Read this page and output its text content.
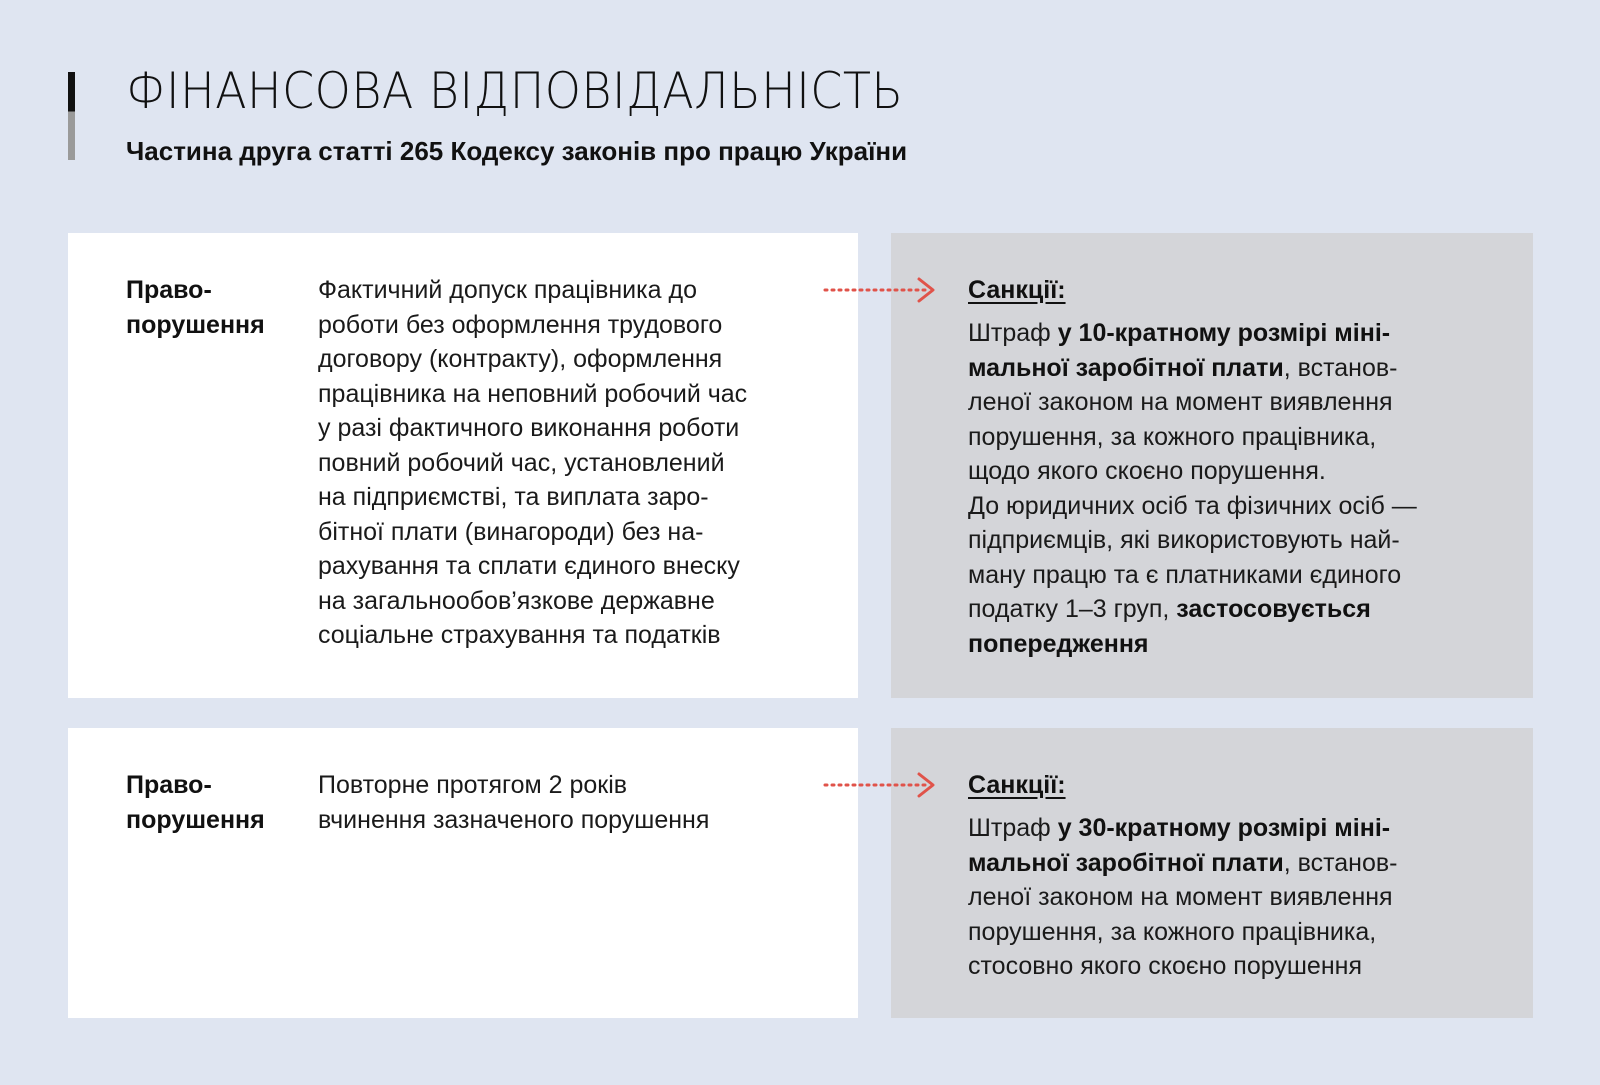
ФІНАНСОВА ВІДПОВІДАЛЬНІСТЬ

Частина друга статті 265 Кодексу законів про працю України

Право-
порушення
Фактичний допуск працівника до
роботи без оформлення трудового
договору (контракту), оформлення
працівника на неповний робочий час
у разі фактичного виконання роботи
повний робочий час, установлений
на підприємстві, та виплата заро-
бітної плати (винагороди) без на-
рахування та сплати єдиного внеску
на загальнообов’язкове державне
соціальне страхування та податків
Санкції:
Штраф у 10-кратному розмірі міні-
мальної заробітної плати, встанов-
леної законом на момент виявлення
порушення, за кожного працівника,
щодо якого скоєно порушення.
До юридичних осіб та фізичних осіб —
підприємців, які використовують най-
ману працю та є платниками єдиного
податку 1–3 груп, застосовується
попередження
Право-
порушення
Повторне протягом 2 років
вчинення зазначеного порушення
Санкції:
Штраф у 30-кратному розмірі міні-
мальної заробітної плати, встанов-
леної законом на момент виявлення
порушення, за кожного працівника,
стосовно якого скоєно порушення
